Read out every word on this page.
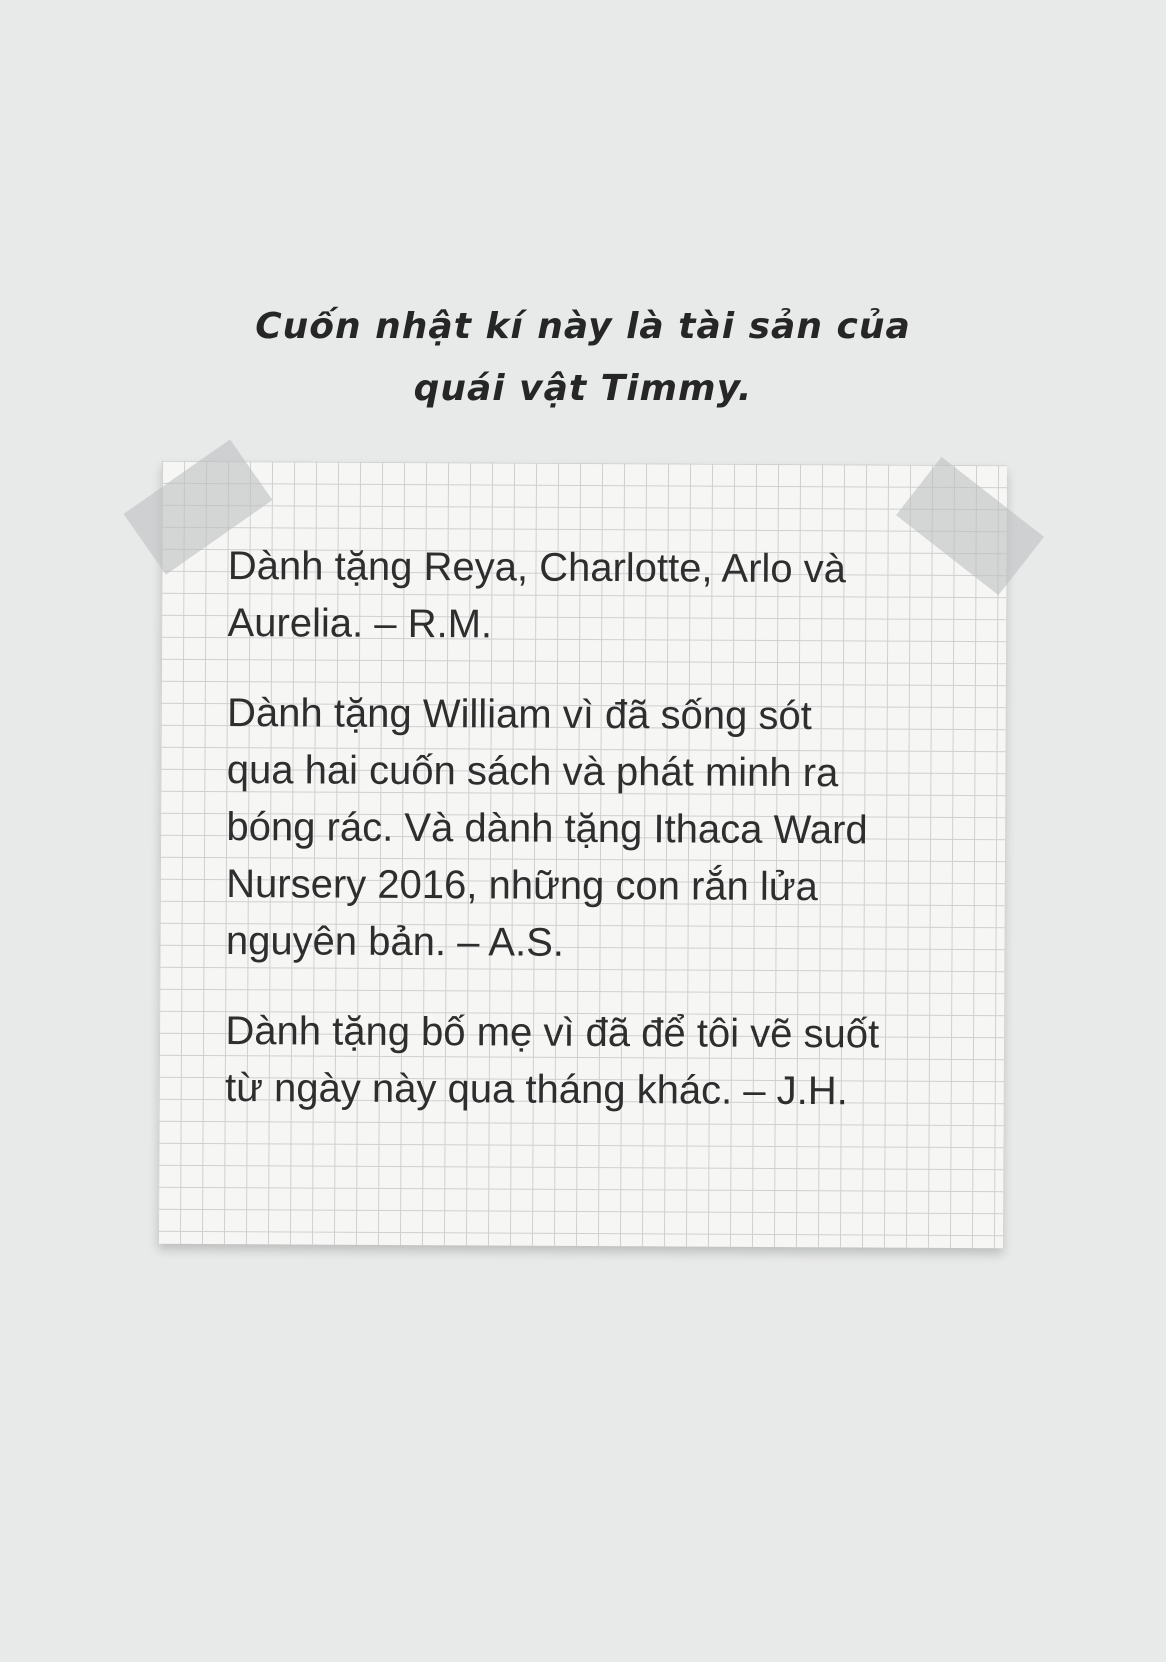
Cuốn nhật kí này là tài sản của
quái vật Timmy.

Dành tặng Reya, Charlotte, Arlo và
Aurelia. – R.M.

Dành tặng William vì đã sống sót
qua hai cuốn sách và phát minh ra
bóng rác. Và dành tặng Ithaca Ward
Nursery 2016, những con rắn lửa
nguyên bản. – A.S.

Dành tặng bố mẹ vì đã để tôi vẽ suốt
từ ngày này qua tháng khác. – J.H.
